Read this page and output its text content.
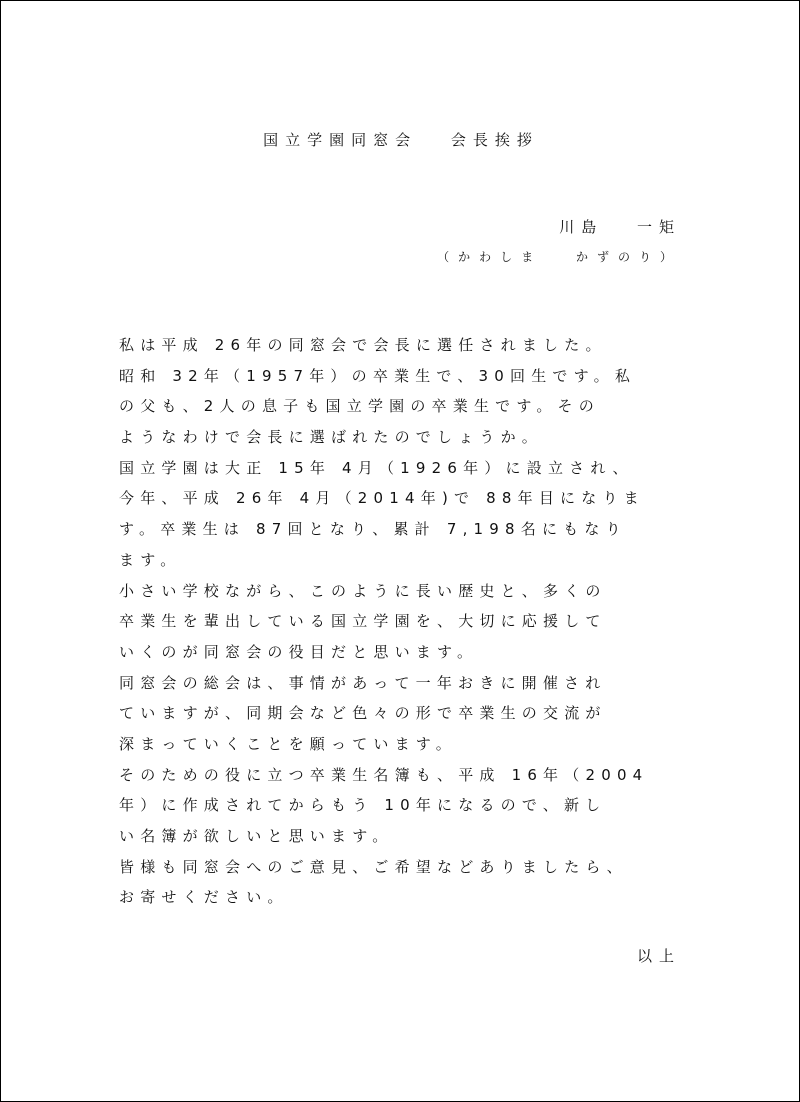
国立学園同窓会　 会長挨拶
川島　 一矩
（かわしま　 かずのり）
私は平成 26年の同窓会で会長に選任されました。
昭和 32年（1957年）の卒業生で、30回生です。私
の父も、2人の息子も国立学園の卒業生です。その
ようなわけで会長に選ばれたのでしょうか。
国立学園は大正 15年 4月（1926年）に設立され、
今年、平成 26年 4月（2014年)で 88年目になりま
す。卒業生は 87回となり、累計 7,198名にもなり
ます。
小さい学校ながら、このように長い歴史と、多くの
卒業生を輩出している国立学園を、大切に応援して
いくのが同窓会の役目だと思います。
同窓会の総会は、事情があって一年おきに開催され
ていますが、同期会など色々の形で卒業生の交流が
深まっていくことを願っています。
そのための役に立つ卒業生名簿も、平成 16年（2004
年）に作成されてからもう 10年になるので、新し
い名簿が欲しいと思います。
皆様も同窓会へのご意見、ご希望などありましたら、
お寄せください。
以上
